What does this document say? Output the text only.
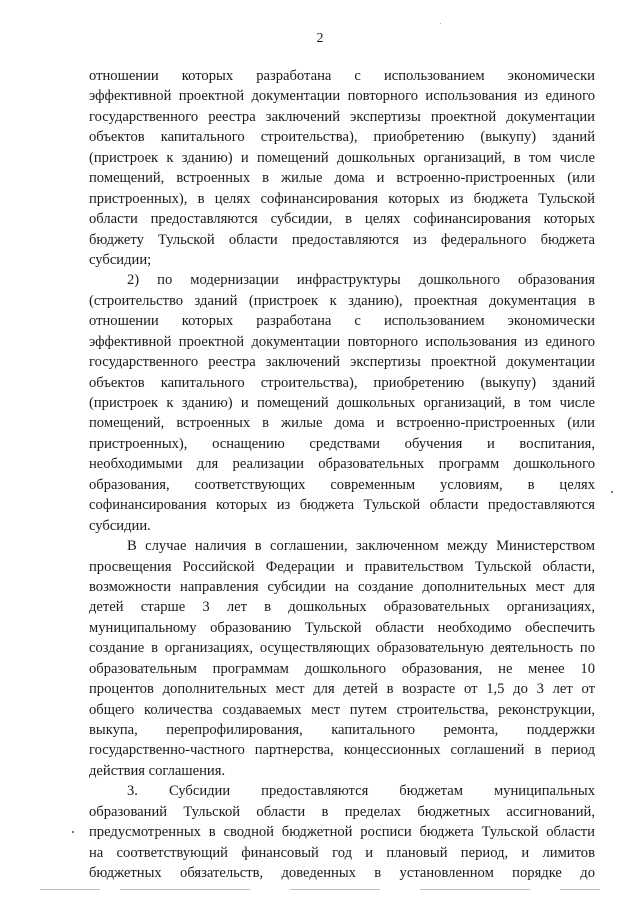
2
отношении которых разработана с использованием экономически
эффективной проектной документации повторного использования из единого
государственного реестра заключений экспертизы проектной документации
объектов капитального строительства), приобретению (выкупу) зданий
(пристроек к зданию) и помещений дошкольных организаций, в том числе
помещений, встроенных в жилые дома и встроенно-пристроенных (или
пристроенных), в целях софинансирования которых из бюджета Тульской
области предоставляются субсидии, в целях софинансирования которых
бюджету Тульской области предоставляются из федерального бюджета
субсидии;
2) по модернизации инфраструктуры дошкольного образования
(строительство зданий (пристроек к зданию), проектная документация в
отношении которых разработана с использованием экономически
эффективной проектной документации повторного использования из единого
государственного реестра заключений экспертизы проектной документации
объектов капитального строительства), приобретению (выкупу) зданий
(пристроек к зданию) и помещений дошкольных организаций, в том числе
помещений, встроенных в жилые дома и встроенно-пристроенных (или
пристроенных), оснащению средствами обучения и воспитания,
необходимыми для реализации образовательных программ дошкольного
образования, соответствующих современным условиям, в целях
софинансирования которых из бюджета Тульской области предоставляются
субсидии.
В случае наличия в соглашении, заключенном между Министерством
просвещения Российской Федерации и правительством Тульской области,
возможности направления субсидии на создание дополнительных мест для
детей старше 3 лет в дошкольных образовательных организациях,
муниципальному образованию Тульской области необходимо обеспечить
создание в организациях, осуществляющих образовательную деятельность по
образовательным программам дошкольного образования, не менее 10
процентов дополнительных мест для детей в возрасте от 1,5 до 3 лет от
общего количества создаваемых мест путем строительства, реконструкции,
выкупа, перепрофилирования, капитального ремонта, поддержки
государственно-частного партнерства, концессионных соглашений в период
действия соглашения.
3. Субсидии предоставляются бюджетам муниципальных
образований Тульской области в пределах бюджетных ассигнований,
предусмотренных в сводной бюджетной росписи бюджета Тульской области
на соответствующий финансовый год и плановый период, и лимитов
бюджетных обязательств, доведенных в установленном порядке до
